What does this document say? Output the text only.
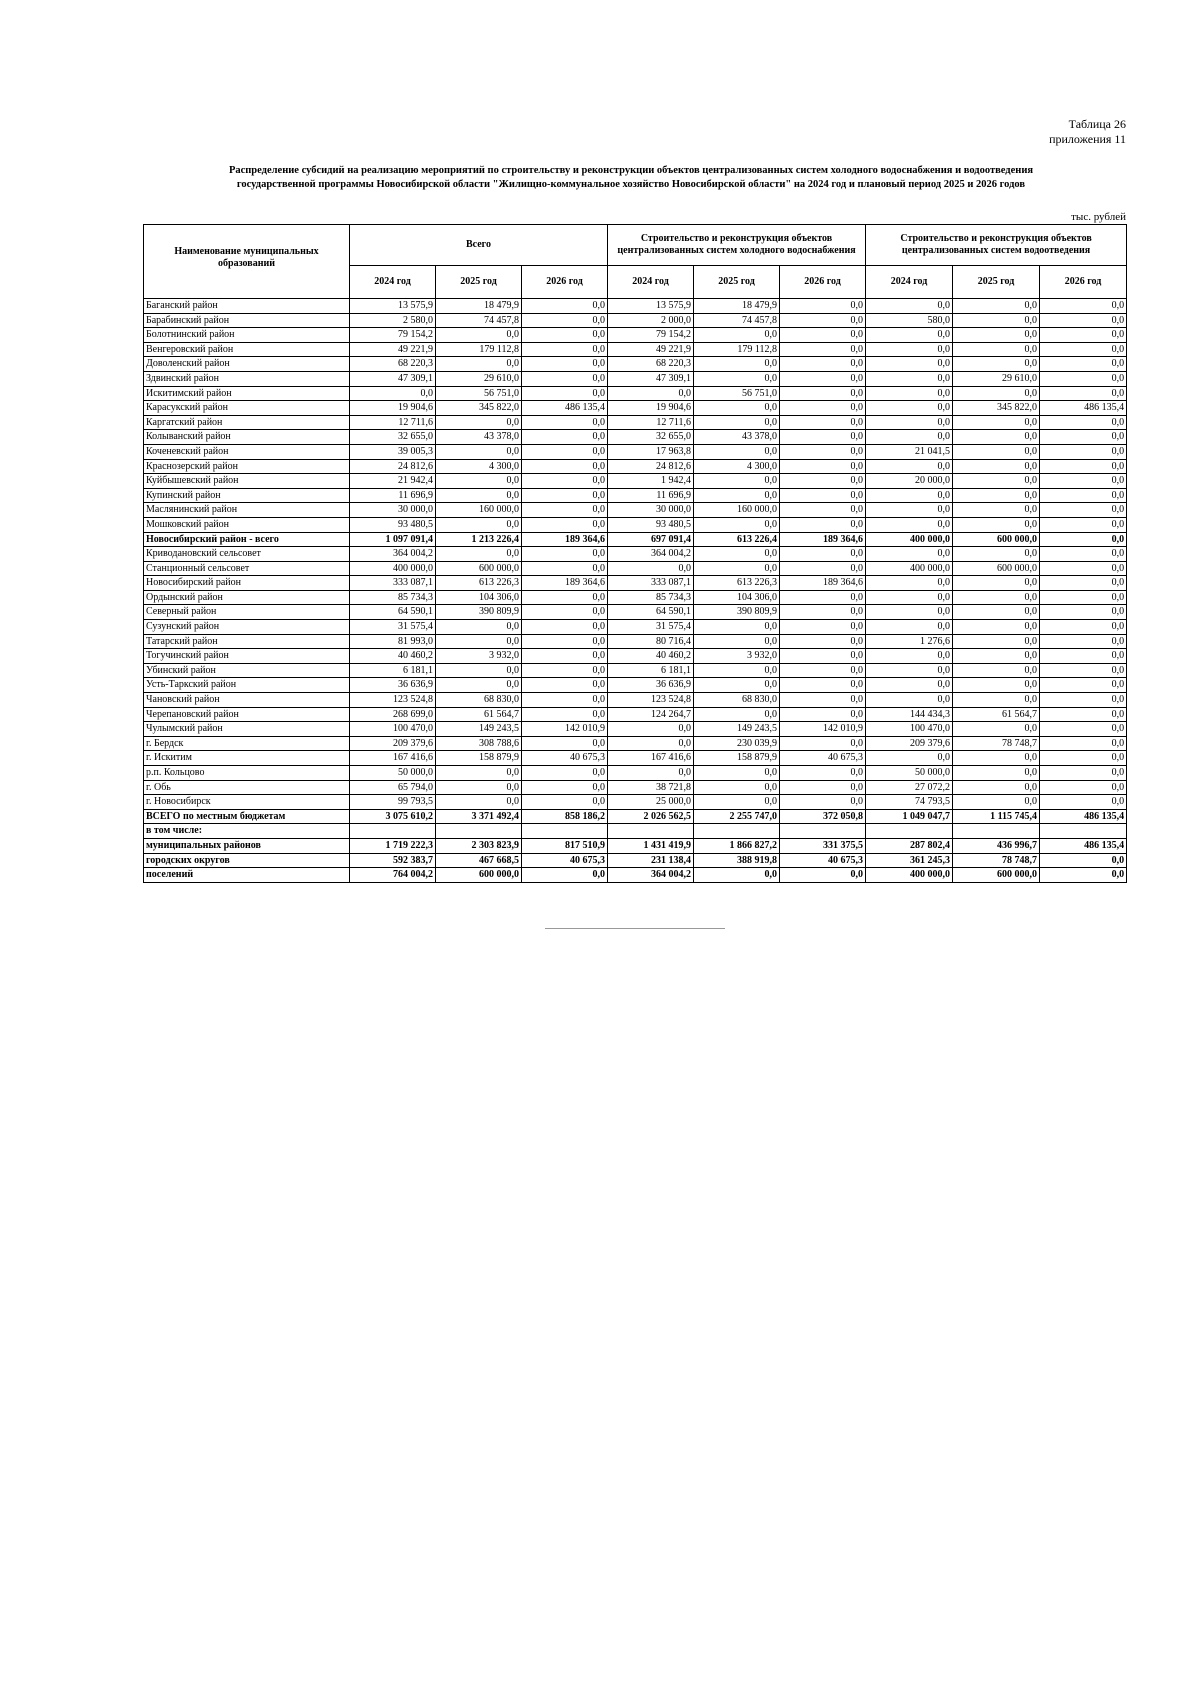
Таблица 26
приложения 11
Распределение субсидий на реализацию мероприятий по строительству и реконструкции объектов централизованных систем холодного водоснабжения и водоотведения
государственной программы Новосибирской области "Жилищно-коммунальное хозяйство Новосибирской области" на 2024 год и плановый период 2025 и 2026 годов
тыс. рублей
Наименование муниципальных образований	Всего			Строительство и реконструкция объектов централизованных систем холодного водоснабжения			Строительство и реконструкция объектов централизованных систем водоотведения		
	2024 год	2025 год	2026 год	2024 год	2025 год	2026 год	2024 год	2025 год	2026 год
Баганский район	13 575,9	18 479,9	0,0	13 575,9	18 479,9	0,0	0,0	0,0	0,0
Барабинский район	2 580,0	74 457,8	0,0	2 000,0	74 457,8	0,0	580,0	0,0	0,0
Болотнинский район	79 154,2	0,0	0,0	79 154,2	0,0	0,0	0,0	0,0	0,0
Венгеровский район	49 221,9	179 112,8	0,0	49 221,9	179 112,8	0,0	0,0	0,0	0,0
Доволенский район	68 220,3	0,0	0,0	68 220,3	0,0	0,0	0,0	0,0	0,0
Здвинский район	47 309,1	29 610,0	0,0	47 309,1	0,0	0,0	0,0	29 610,0	0,0
Искитимский район	0,0	56 751,0	0,0	0,0	56 751,0	0,0	0,0	0,0	0,0
Карасукский район	19 904,6	345 822,0	486 135,4	19 904,6	0,0	0,0	0,0	345 822,0	486 135,4
Каргатский район	12 711,6	0,0	0,0	12 711,6	0,0	0,0	0,0	0,0	0,0
Колыванский район	32 655,0	43 378,0	0,0	32 655,0	43 378,0	0,0	0,0	0,0	0,0
Коченевский район	39 005,3	0,0	0,0	17 963,8	0,0	0,0	21 041,5	0,0	0,0
Краснозерский район	24 812,6	4 300,0	0,0	24 812,6	4 300,0	0,0	0,0	0,0	0,0
Куйбышевский район	21 942,4	0,0	0,0	1 942,4	0,0	0,0	20 000,0	0,0	0,0
Купинский район	11 696,9	0,0	0,0	11 696,9	0,0	0,0	0,0	0,0	0,0
Маслянинский район	30 000,0	160 000,0	0,0	30 000,0	160 000,0	0,0	0,0	0,0	0,0
Мошковский район	93 480,5	0,0	0,0	93 480,5	0,0	0,0	0,0	0,0	0,0
Новосибирский район - всего	1 097 091,4	1 213 226,4	189 364,6	697 091,4	613 226,4	189 364,6	400 000,0	600 000,0	0,0
Криводановский сельсовет	364 004,2	0,0	0,0	364 004,2	0,0	0,0	0,0	0,0	0,0
Станционный сельсовет	400 000,0	600 000,0	0,0	0,0	0,0	0,0	400 000,0	600 000,0	0,0
Новосибирский район	333 087,1	613 226,3	189 364,6	333 087,1	613 226,3	189 364,6	0,0	0,0	0,0
Ордынский район	85 734,3	104 306,0	0,0	85 734,3	104 306,0	0,0	0,0	0,0	0,0
Северный район	64 590,1	390 809,9	0,0	64 590,1	390 809,9	0,0	0,0	0,0	0,0
Сузунский район	31 575,4	0,0	0,0	31 575,4	0,0	0,0	0,0	0,0	0,0
Татарский район	81 993,0	0,0	0,0	80 716,4	0,0	0,0	1 276,6	0,0	0,0
Тогучинский район	40 460,2	3 932,0	0,0	40 460,2	3 932,0	0,0	0,0	0,0	0,0
Убинский район	6 181,1	0,0	0,0	6 181,1	0,0	0,0	0,0	0,0	0,0
Усть-Таркский район	36 636,9	0,0	0,0	36 636,9	0,0	0,0	0,0	0,0	0,0
Чановский район	123 524,8	68 830,0	0,0	123 524,8	68 830,0	0,0	0,0	0,0	0,0
Черепановский район	268 699,0	61 564,7	0,0	124 264,7	0,0	0,0	144 434,3	61 564,7	0,0
Чулымский район	100 470,0	149 243,5	142 010,9	0,0	149 243,5	142 010,9	100 470,0	0,0	0,0
г. Бердск	209 379,6	308 788,6	0,0	0,0	230 039,9	0,0	209 379,6	78 748,7	0,0
г. Искитим	167 416,6	158 879,9	40 675,3	167 416,6	158 879,9	40 675,3	0,0	0,0	0,0
р.п. Кольцово	50 000,0	0,0	0,0	0,0	0,0	0,0	50 000,0	0,0	0,0
г. Обь	65 794,0	0,0	0,0	38 721,8	0,0	0,0	27 072,2	0,0	0,0
г. Новосибирск	99 793,5	0,0	0,0	25 000,0	0,0	0,0	74 793,5	0,0	0,0
ВСЕГО по местным бюджетам	3 075 610,2	3 371 492,4	858 186,2	2 026 562,5	2 255 747,0	372 050,8	1 049 047,7	1 115 745,4	486 135,4
в том числе:									
муниципальных районов	1 719 222,3	2 303 823,9	817 510,9	1 431 419,9	1 866 827,2	331 375,5	287 802,4	436 996,7	486 135,4
городских округов	592 383,7	467 668,5	40 675,3	231 138,4	388 919,8	40 675,3	361 245,3	78 748,7	0,0
поселений	764 004,2	600 000,0	0,0	364 004,2	0,0	0,0	400 000,0	600 000,0	0,0
